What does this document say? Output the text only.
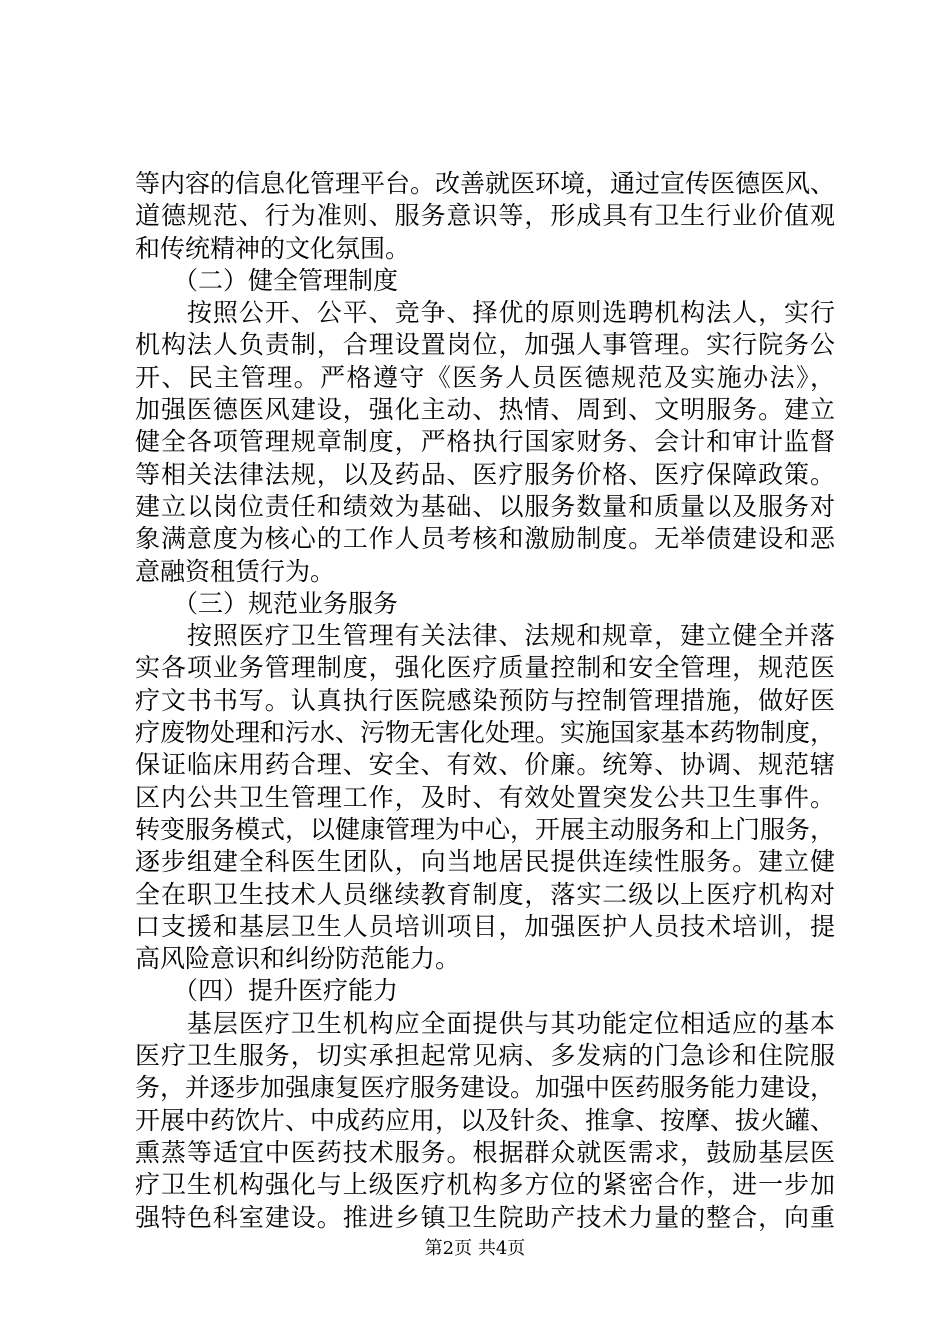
等内容的信息化管理平台。改善就医环境，通过宣传医德医风、
道德规范、行为准则、服务意识等，形成具有卫生行业价值观
和传统精神的文化氛围。
（二）健全管理制度
　　按照公开、公平、竞争、择优的原则选聘机构法人，实行
机构法人负责制，合理设置岗位，加强人事管理。实行院务公
开、民主管理。严格遵守《医务人员医德规范及实施办法》，
加强医德医风建设，强化主动、热情、周到、文明服务。建立
健全各项管理规章制度，严格执行国家财务、会计和审计监督
等相关法律法规，以及药品、医疗服务价格、医疗保障政策。
建立以岗位责任和绩效为基础、以服务数量和质量以及服务对
象满意度为核心的工作人员考核和激励制度。无举债建设和恶
意融资租赁行为。
（三）规范业务服务
　　按照医疗卫生管理有关法律、法规和规章，建立健全并落
实各项业务管理制度，强化医疗质量控制和安全管理，规范医
疗文书书写。认真执行医院感染预防与控制管理措施，做好医
疗废物处理和污水、污物无害化处理。实施国家基本药物制度，
保证临床用药合理、安全、有效、价廉。统筹、协调、规范辖
区内公共卫生管理工作，及时、有效处置突发公共卫生事件。
转变服务模式，以健康管理为中心，开展主动服务和上门服务，
逐步组建全科医生团队，向当地居民提供连续性服务。建立健
全在职卫生技术人员继续教育制度，落实二级以上医疗机构对
口支援和基层卫生人员培训项目，加强医护人员技术培训，提
高风险意识和纠纷防范能力。
（四）提升医疗能力
　　基层医疗卫生机构应全面提供与其功能定位相适应的基本
医疗卫生服务，切实承担起常见病、多发病的门急诊和住院服
务，并逐步加强康复医疗服务建设。加强中医药服务能力建设，
开展中药饮片、中成药应用，以及针灸、推拿、按摩、拔火罐、
熏蒸等适宜中医药技术服务。根据群众就医需求，鼓励基层医
疗卫生机构强化与上级医疗机构多方位的紧密合作，进一步加
强特色科室建设。推进乡镇卫生院助产技术力量的整合，向重
第2页 共4页
